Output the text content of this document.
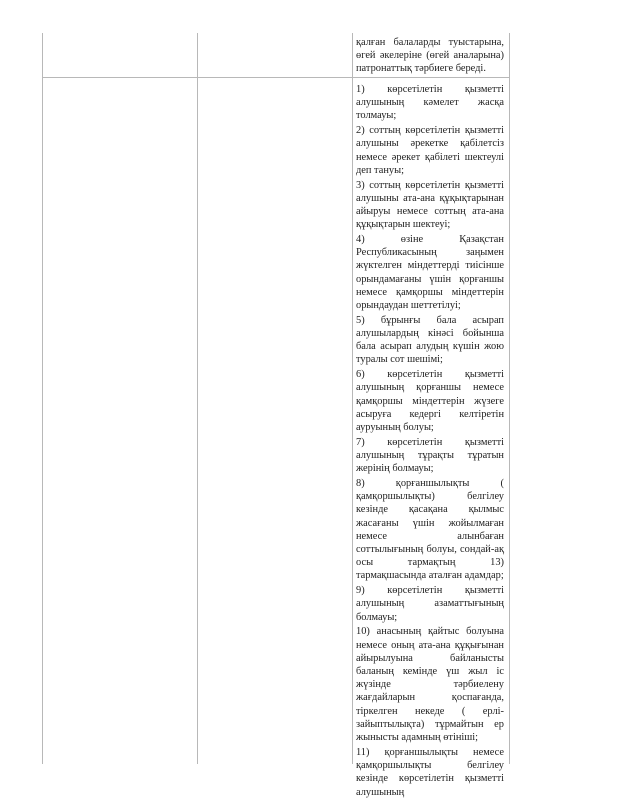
қалған балаларды туыстарына, өгей әкелеріне (өгей аналарына) патронаттық тәрбиеге береді.

1) көрсетілетін қызметті алушының кәмелет жасқа толмауы;

2) соттың көрсетілетін қызметті алушыны әрекетке қабілетсіз немесе әрекет қабілеті шектеулі деп тануы;

3) соттың көрсетілетін қызметті алушыны ата-ана құқықтарынан айыруы немесе соттың ата-ана құқықтарын шектеуі;

4) өзіне Қазақстан Республикасының заңымен жүктелген міндеттерді тиісінше орындамағаны үшін қорғаншы немесе қамқоршы міндеттерін орындаудан шеттетілуі;

5) бұрынғы бала асырап алушылардың кінәсі бойынша бала асырап алудың күшін жою туралы сот шешімі;

6) көрсетілетін қызметті алушының қорғаншы немесе қамқоршы міндеттерін жүзеге асыруға кедергі келтіретін ауруының болуы;

7) көрсетілетін қызметті алушының тұрақты тұратын жерінің болмауы;

8) қорғаншылықты ( қамқоршылықты) белгілеу кезінде қасақана қылмыс жасағаны үшін жойылмаған немесе алынбаған соттылығының болуы, сондай-ақ осы тармақтың 13) тармақшасында аталған адамдар;

9) көрсетілетін қызметті алушының азаматтығының болмауы;

10) анасының қайтыс болуына немесе оның ата-ана құқығынан айырылуына байланысты баланың кемінде үш жыл іс жүзінде тәрбиелену жағдайларын қоспағанда, тіркелген некеде ( ерлі-зайыптылықта) тұрмайтын ер жынысты адамның өтініші;

11) қорғаншылықты немесе қамқоршылықты белгілеу кезінде көрсетілетін қызметті алушының
